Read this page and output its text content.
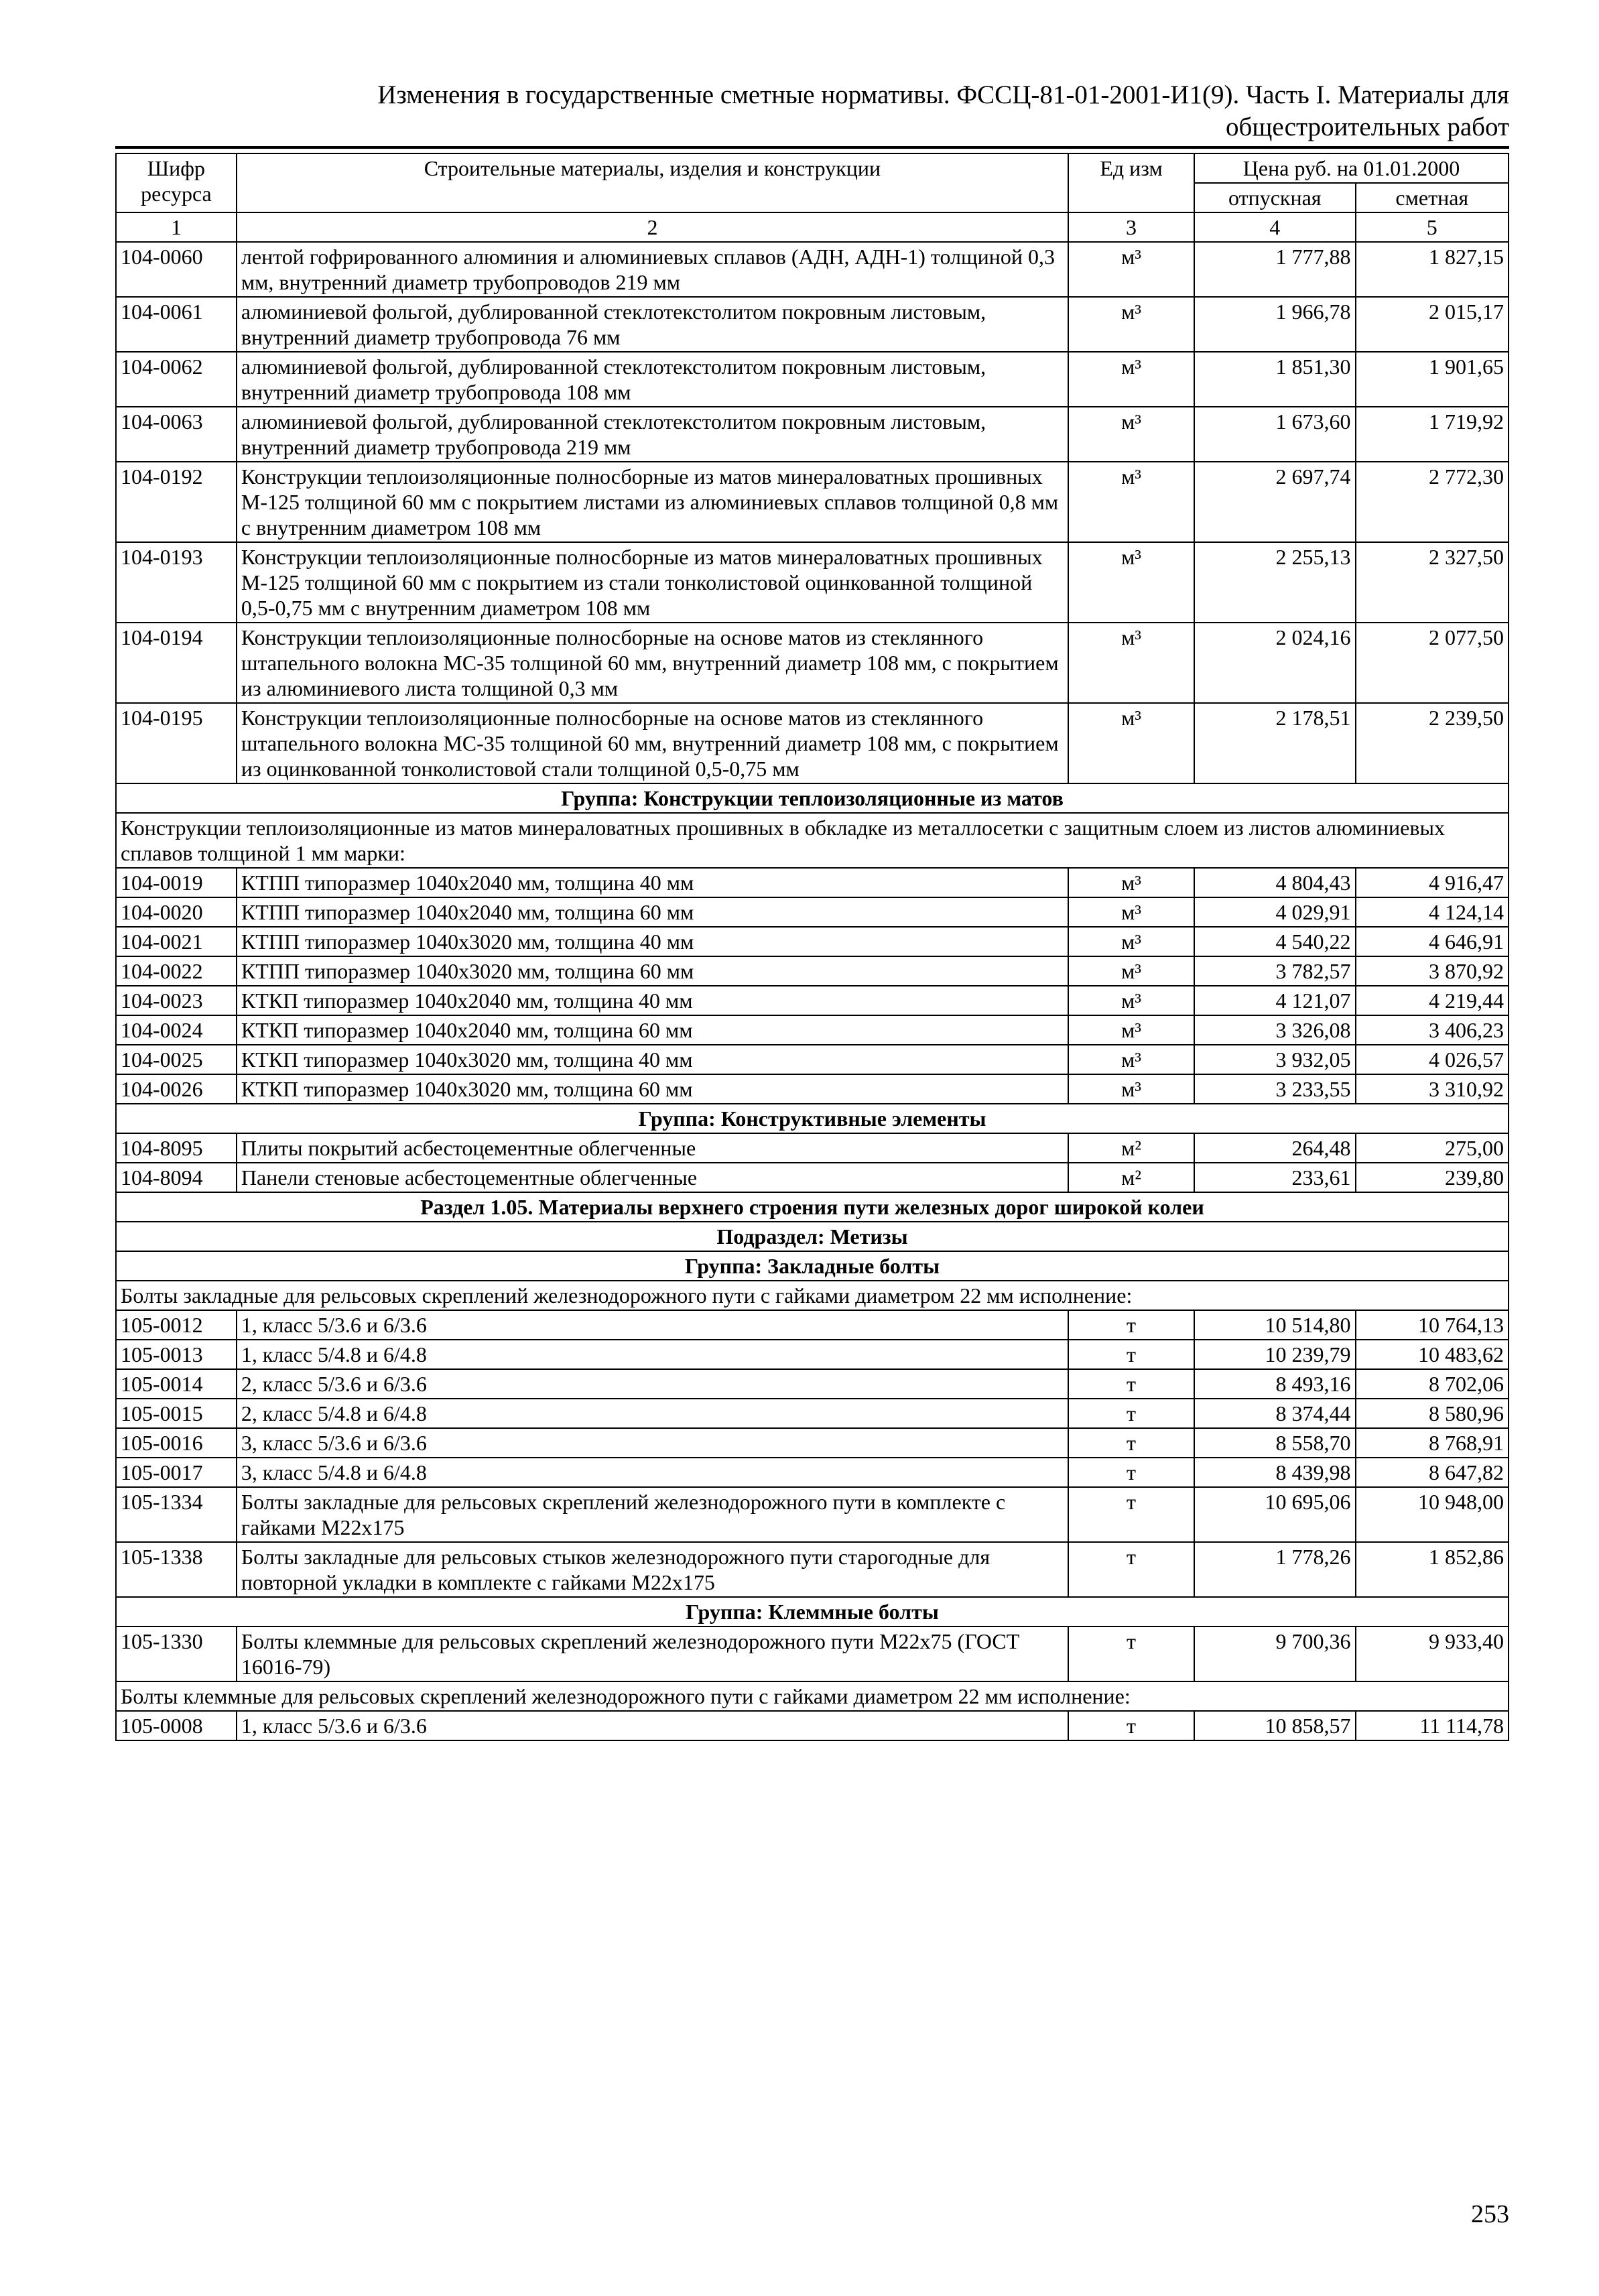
Изменения в государственные сметные нормативы. ФССЦ-81-01-2001-И1(9). Часть I. Материалы для
общестроительных работ
Шифр ресурса	Строительные материалы, изделия и конструкции	Ед изм	Цена руб. на 01.01.2000	
			отпускная	сметная
1	2	3	4	5
104-0060	лентой гофрированного алюминия и алюминиевых сплавов (АДН, АДН-1) толщиной 0,3 мм, внутренний диаметр трубопроводов 219 мм	м³	1 777,88	1 827,15
104-0061	алюминиевой фольгой, дублированной стеклотекстолитом покровным листовым, внутренний диаметр трубопровода 76 мм	м³	1 966,78	2 015,17
104-0062	алюминиевой фольгой, дублированной стеклотекстолитом покровным листовым, внутренний диаметр трубопровода 108 мм	м³	1 851,30	1 901,65
104-0063	алюминиевой фольгой, дублированной стеклотекстолитом покровным листовым, внутренний диаметр трубопровода 219 мм	м³	1 673,60	1 719,92
104-0192	Конструкции теплоизоляционные полносборные из матов минераловатных прошивных М-125 толщиной 60 мм с покрытием листами из алюминиевых сплавов толщиной 0,8 мм с внутренним диаметром 108 мм	м³	2 697,74	2 772,30
104-0193	Конструкции теплоизоляционные полносборные из матов минераловатных прошивных М-125 толщиной 60 мм с покрытием из стали тонколистовой оцинкованной толщиной 0,5-0,75 мм с внутренним диаметром 108 мм	м³	2 255,13	2 327,50
104-0194	Конструкции теплоизоляционные полносборные на основе матов из стеклянного штапельного волокна МС-35 толщиной 60 мм, внутренний диаметр 108 мм, с покрытием из алюминиевого листа толщиной 0,3 мм	м³	2 024,16	2 077,50
104-0195	Конструкции теплоизоляционные полносборные на основе матов из стеклянного штапельного волокна МС-35 толщиной 60 мм, внутренний диаметр 108 мм, с покрытием из оцинкованной тонколистовой стали толщиной 0,5-0,75 мм	м³	2 178,51	2 239,50
Группа: Конструкции теплоизоляционные из матов				
Конструкции теплоизоляционные из матов минераловатных прошивных в обкладке из металлосетки с защитным слоем из листов алюминиевых сплавов толщиной 1 мм марки:				
104-0019	КТПП типоразмер 1040х2040 мм, толщина 40 мм	м³	4 804,43	4 916,47
104-0020	КТПП типоразмер 1040х2040 мм, толщина 60 мм	м³	4 029,91	4 124,14
104-0021	КТПП типоразмер 1040х3020 мм, толщина 40 мм	м³	4 540,22	4 646,91
104-0022	КТПП типоразмер 1040х3020 мм, толщина 60 мм	м³	3 782,57	3 870,92
104-0023	КТКП типоразмер 1040х2040 мм, толщина 40 мм	м³	4 121,07	4 219,44
104-0024	КТКП типоразмер 1040х2040 мм, толщина 60 мм	м³	3 326,08	3 406,23
104-0025	КТКП типоразмер 1040х3020 мм, толщина 40 мм	м³	3 932,05	4 026,57
104-0026	КТКП типоразмер 1040х3020 мм, толщина 60 мм	м³	3 233,55	3 310,92
Группа: Конструктивные элементы				
104-8095	Плиты покрытий асбестоцементные облегченные	м²	264,48	275,00
104-8094	Панели стеновые асбестоцементные облегченные	м²	233,61	239,80
Раздел 1.05. Материалы верхнего строения пути железных дорог широкой колеи				
Подраздел: Метизы				
Группа: Закладные болты				
Болты закладные для рельсовых скреплений железнодорожного пути с гайками диаметром 22 мм исполнение:				
105-0012	1, класс 5/3.6 и 6/3.6	т	10 514,80	10 764,13
105-0013	1, класс 5/4.8 и 6/4.8	т	10 239,79	10 483,62
105-0014	2, класс 5/3.6 и 6/3.6	т	8 493,16	8 702,06
105-0015	2, класс 5/4.8 и 6/4.8	т	8 374,44	8 580,96
105-0016	3, класс 5/3.6 и 6/3.6	т	8 558,70	8 768,91
105-0017	3, класс 5/4.8 и 6/4.8	т	8 439,98	8 647,82
105-1334	Болты закладные для рельсовых скреплений железнодорожного пути в комплекте с гайками М22х175	т	10 695,06	10 948,00
105-1338	Болты закладные для рельсовых стыков железнодорожного пути старогодные для повторной укладки в комплекте с гайками М22х175	т	1 778,26	1 852,86
Группа: Клеммные болты				
105-1330	Болты клеммные для рельсовых скреплений железнодорожного пути М22х75 (ГОСТ 16016-79)	т	9 700,36	9 933,40
Болты клеммные для рельсовых скреплений железнодорожного пути с гайками диаметром 22 мм исполнение:				
105-0008	1, класс 5/3.6 и 6/3.6	т	10 858,57	11 114,78
253
